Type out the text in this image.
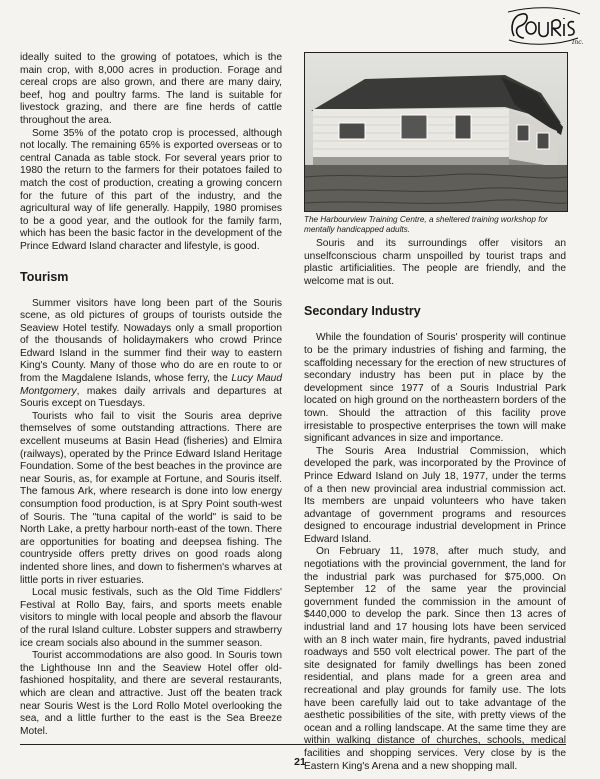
Inc.

ideally suited to the growing of potatoes, which is the main crop, with 8,000 acres in production. Forage and cereal crops are also grown, and there are many dairy, beef, hog and poultry farms. The land is suitable for livestock grazing, and there are fine herds of cattle throughout the area.

Some 35% of the potato crop is processed, although not locally. The remaining 65% is exported overseas or to central Canada as table stock. For several years prior to 1980 the return to the farmers for their potatoes failed to match the cost of production, creating a growing concern for the future of this part of the industry, and the agricultural way of life generally. Happily, 1980 promises to be a good year, and the outlook for the family farm, which has been the basic factor in the development of the Prince Edward Island character and lifestyle, is good.

Tourism

Summer visitors have long been part of the Souris scene, as old pictures of groups of tourists outside the Seaview Hotel testify. Nowadays only a small proportion of the thousands of holidaymakers who crowd Prince Edward Island in the summer find their way to eastern King's County. Many of those who do are en route to or from the Magdalene Islands, whose ferry, the Lucy Maud Montgomery, makes daily arrivals and departures at Souris except on Tuesdays.

Tourists who fail to visit the Souris area deprive themselves of some outstanding attractions. There are excellent museums at Basin Head (fisheries) and Elmira (railways), operated by the Prince Edward Island Heritage Foundation. Some of the best beaches in the province are near Souris, as, for example at Fortune, and Souris itself. The famous Ark, where research is done into low energy consumption food production, is at Spry Point south-west of Souris. The "tuna capital of the world" is said to be North Lake, a pretty harbour north-east of the town. There are opportunities for boating and deepsea fishing. The countryside offers pretty drives on good roads along indented shore lines, and down to fishermen's wharves at little ports in river estuaries.

Local music festivals, such as the Old Time Fiddlers' Festival at Rollo Bay, fairs, and sports meets enable visitors to mingle with local people and absorb the flavour of the rural Island culture. Lobster suppers and strawberry ice cream socials also abound in the summer season.

Tourist accommodations are also good. In Souris town the Lighthouse Inn and the Seaview Hotel offer old-fashioned hospitality, and there are several restaurants, which are clean and attractive. Just off the beaten track near Souris West is the Lord Rollo Motel overlooking the sea, and a little further to the east is the Sea Breeze Motel.

The Harbourview Training Centre, a sheltered training workshop for mentally handicapped adults.

Souris and its surroundings offer visitors an unselfconscious charm unspoilled by tourist traps and plastic artificialities. The people are friendly, and the welcome mat is out.

Secondary Industry

While the foundation of Souris' prosperity will continue to be the primary industries of fishing and farming, the scaffolding necessary for the erection of new structures of secondary industry has been put in place by the development since 1977 of a Souris Industrial Park located on high ground on the northeastern borders of the town. Should the attraction of this facility prove irresistable to prospective enterprises the town will make significant advances in size and importance.

The Souris Area Industrial Commission, which developed the park, was incorporated by the Province of Prince Edward Island on July 18, 1977, under the terms of a then new provincial area industrial commission act. Its members are unpaid volunteers who have taken advantage of government programs and resources designed to encourage industrial development in Prince Edward Island.

On February 11, 1978, after much study, and negotiations with the provincial government, the land for the industrial park was purchased for $75,000. On September 12 of the same year the provincial government funded the commission in the amount of $440,000 to develop the park. Since then 13 acres of industrial land and 17 housing lots have been serviced with an 8 inch water main, fire hydrants, paved industrial roadways and 550 volt electrical power. The part of the site designated for family dwellings has been zoned residential, and plans made for a green area and recreational and play grounds for family use. The lots have been carefully laid out to take advantage of the aesthetic possibilities of the site, with pretty views of the ocean and a rolling landscape. At the same time they are within walking distance of churches, schools, medical facilities and shopping services. Very close by is the Eastern King's Arena and a new shopping mall.

21
